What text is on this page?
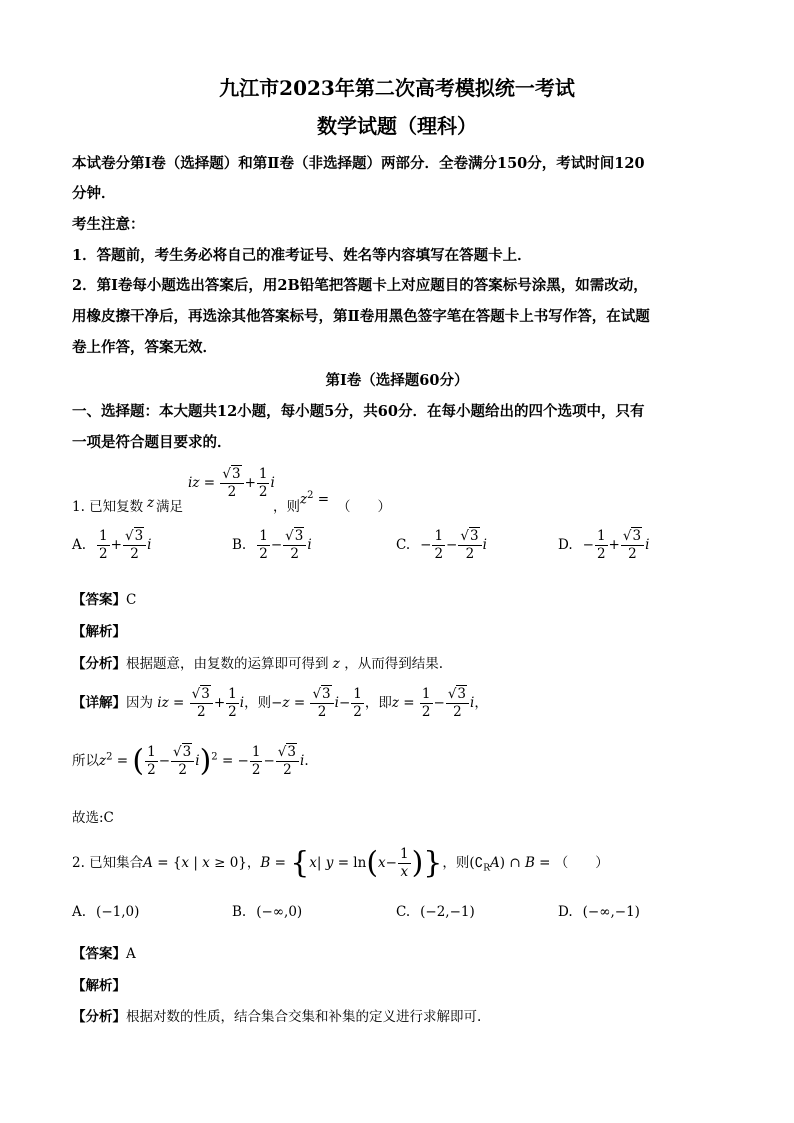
九江市2023年第二次高考模拟统一考试
数学试题（理科）
本试卷分第Ⅰ卷（选择题）和第Ⅱ卷（非选择题）两部分．全卷满分150分，考试时间120
分钟．
考生注意：
1．答题前，考生务必将自己的准考证号、姓名等内容填写在答题卡上．
2．第Ⅰ卷每小题选出答案后，用2B铅笔把答题卡上对应题目的答案标号涂黑，如需改动，
用橡皮擦干净后，再选涂其他答案标号，第Ⅱ卷用黑色签字笔在答题卡上书写作答，在试题
卷上作答，答案无效．
第Ⅰ卷（选择题60分）
一、选择题：本大题共12小题，每小题5分，共60分．在每小题给出的四个选项中，只有
一项是符合题目要求的．
1. 已知复数 z 满足
iz = $\frac{√3}{2} + \frac{1}{2}$ i
，则 $z^2$ = （　　）
A. $\frac{1}{2} + \frac{√3}{2}$ i	B. $\frac{1}{2} - \frac{√3}{2}$ i	C. − $\frac{1}{2} - \frac{√3}{2}$ i	D. − $\frac{1}{2} + \frac{√3}{2}$ i
【答案】C
【解析】
【分析】根据题意，由复数的运算即可得到 z ，从而得到结果.
【详解】因为 iz = $\frac{√3}{2} + \frac{1}{2}$ i，则$-z = \frac{√3}{2} i- \frac{1}{2}$ ，即$z = \frac{1}{2} - \frac{√3}{2}$ i，
所以$z^2$ = ( $\frac{1}{2} - \frac{√3}{2} i)^2$ = − $\frac{1}{2} - \frac{√3}{2} i$.
故选:C
2. 已知集合A = {x | x ≥ 0}，B = {x| $y = \ln(x- \frac{1}{x}$ )}，则$(∁_RA)$ ∩ B = （　　）
A. (−1,0)	B. (−∞,0)	C. (−2,−1)	D. (−∞,−1)
【答案】A
【解析】
【分析】根据对数的性质，结合集合交集和补集的定义进行求解即可.
